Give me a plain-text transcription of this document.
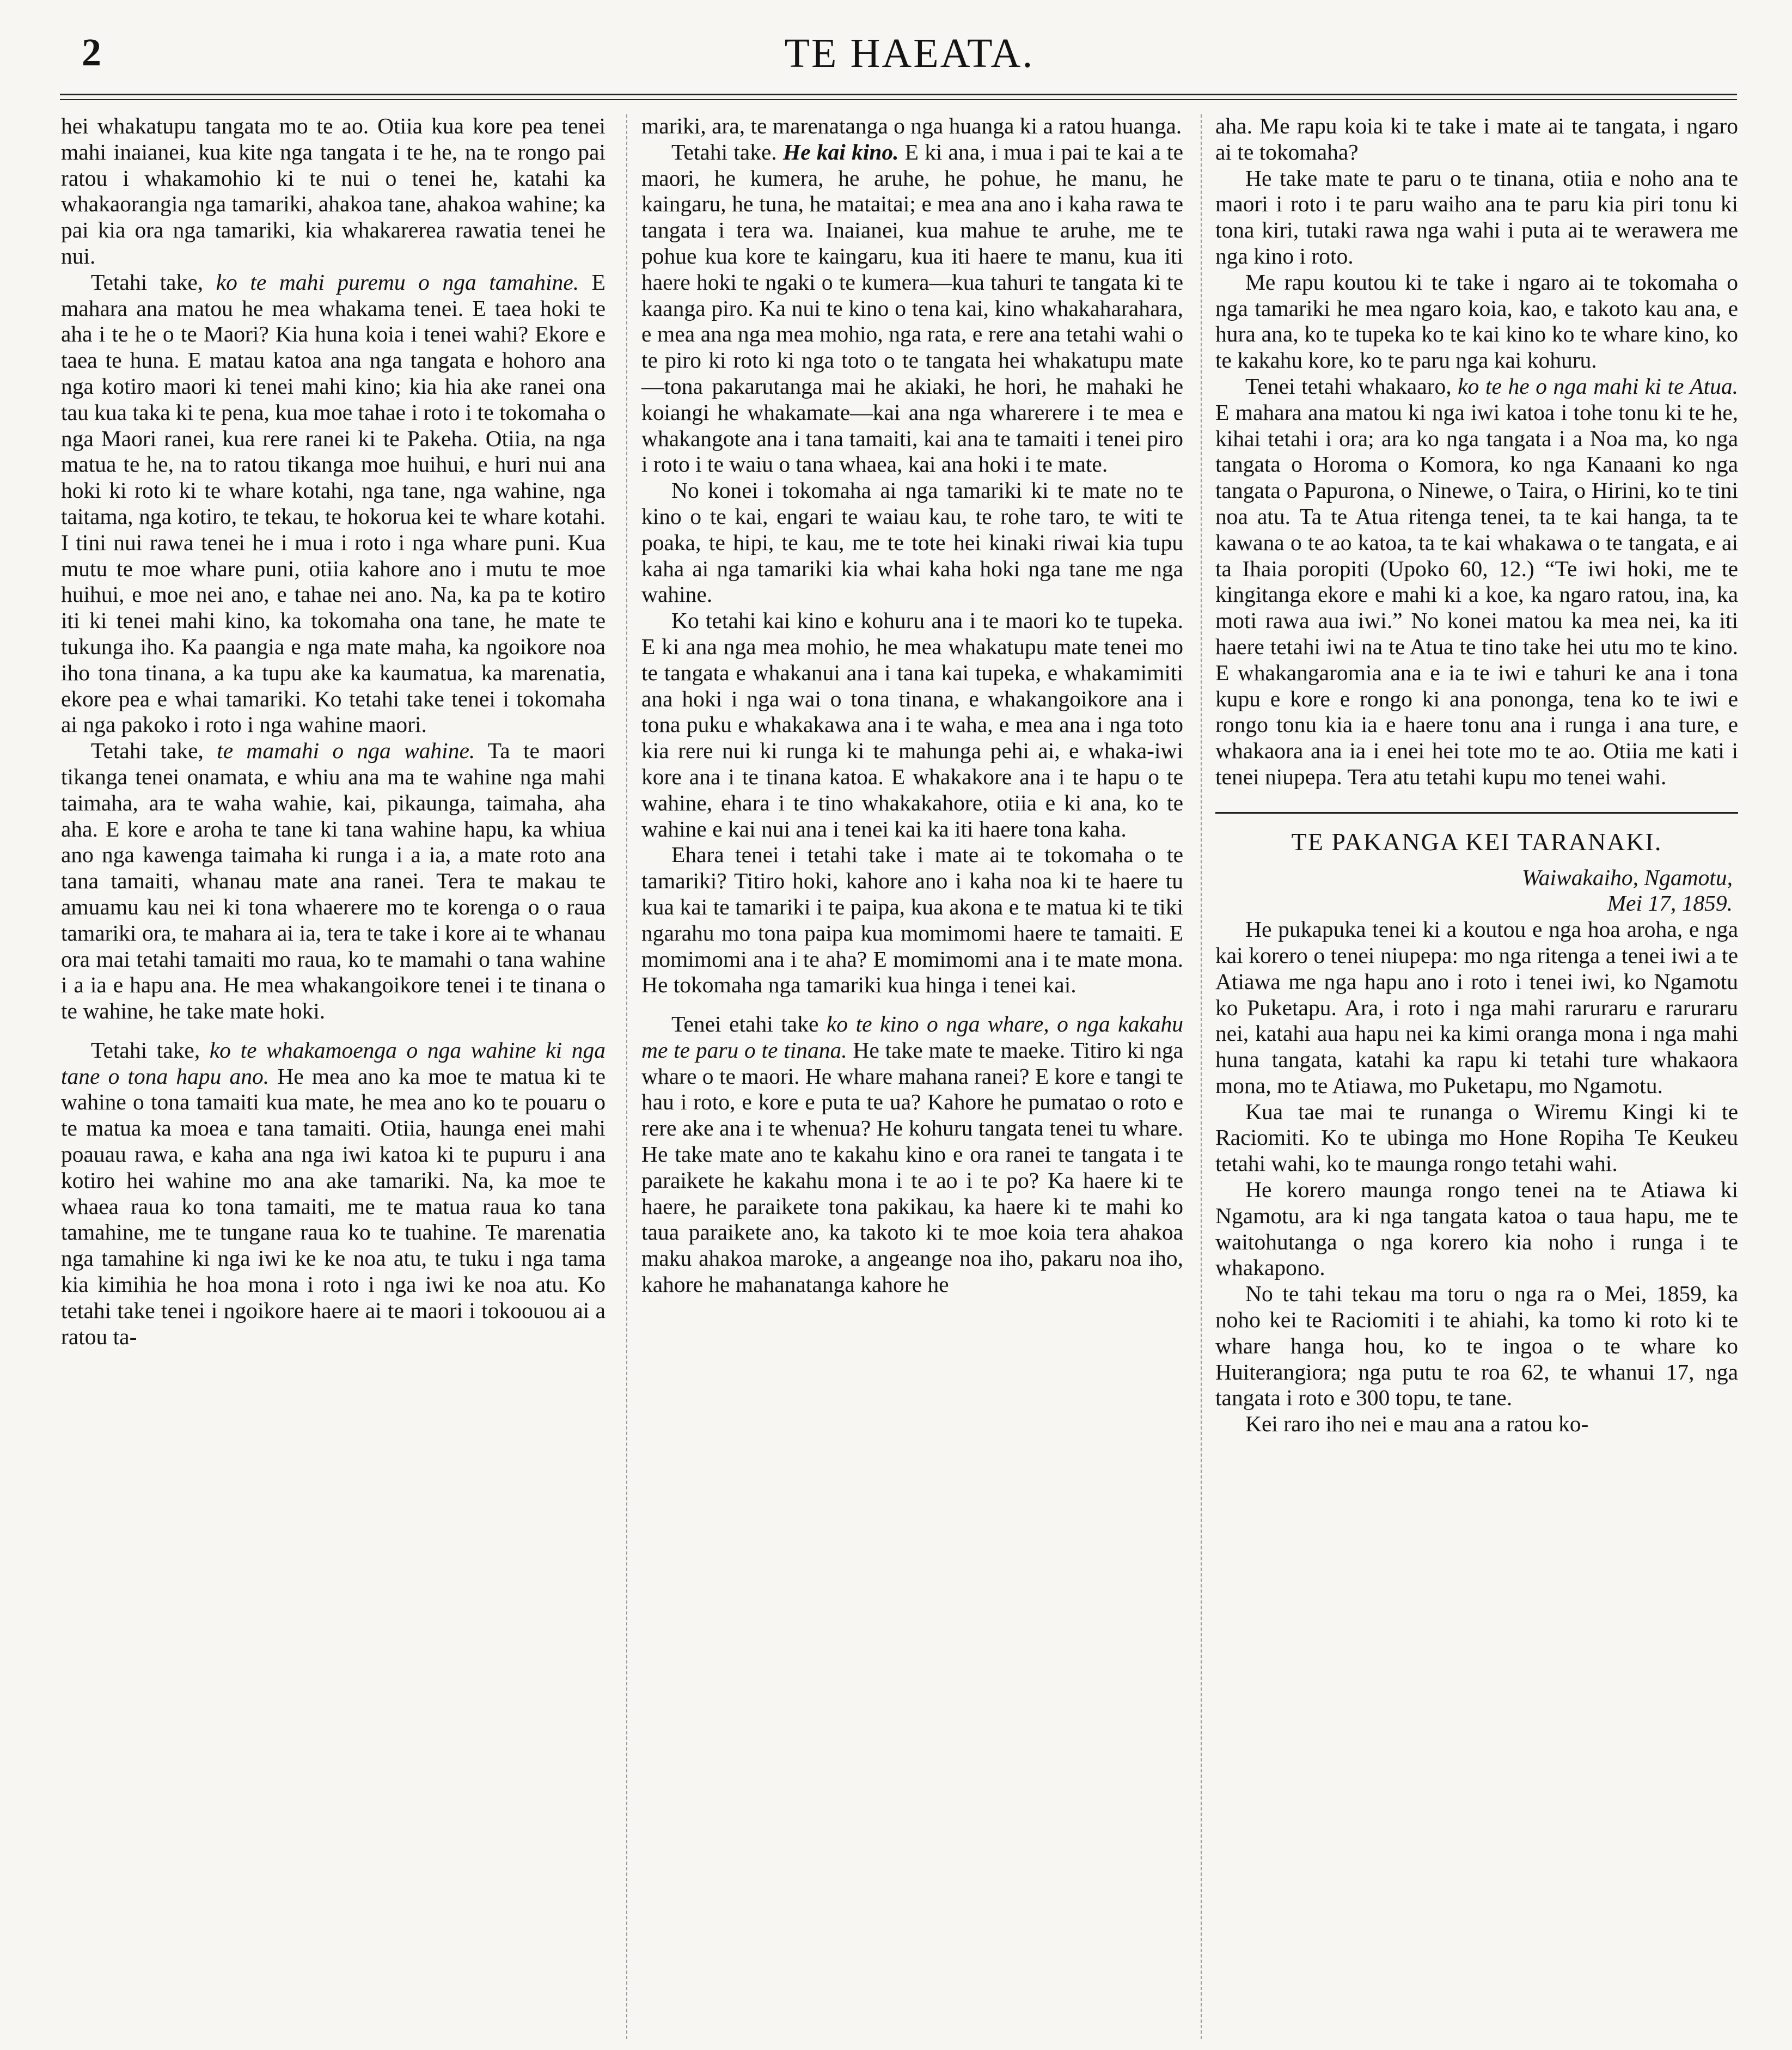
2	TE HAEATA.

hei whakatupu tangata mo te ao. Otiia kua kore pea tenei mahi inaianei, kua kite nga tangata i te he, na te rongo pai ratou i whakamohio ki te nui o tenei he, katahi ka whakaorangia nga tamariki, ahakoa tane, ahakoa wahine; ka pai kia ora nga tamariki, kia whakarerea rawatia tenei he nui.

Tetahi take, ko te mahi puremu o nga tamahine. E mahara ana matou he mea whakama tenei. E taea hoki te aha i te he o te Maori? Kia huna koia i tenei wahi? Ekore e taea te huna. E matau katoa ana nga tangata e hohoro ana nga kotiro maori ki tenei mahi kino; kia hia ake ranei ona tau kua taka ki te pena, kua moe tahae i roto i te tokomaha o nga Maori ranei, kua rere ranei ki te Pakeha. Otiia, na nga matua te he, na to ratou tikanga moe huihui, e huri nui ana hoki ki roto ki te whare kotahi, nga tane, nga wahine, nga taitama, nga kotiro, te tekau, te hokorua kei te whare kotahi. I tini nui rawa tenei he i mua i roto i nga whare puni. Kua mutu te moe whare puni, otiia kahore ano i mutu te moe huihui, e moe nei ano, e tahae nei ano. Na, ka pa te kotiro iti ki tenei mahi kino, ka tokomaha ona tane, he mate te tukunga iho. Ka paangia e nga mate maha, ka ngoikore noa iho tona tinana, a ka tupu ake ka kaumatua, ka marenatia, ekore pea e whai tamariki. Ko tetahi take tenei i tokomaha ai nga pakoko i roto i nga wahine maori.

Tetahi take, te mamahi o nga wahine. Ta te maori tikanga tenei onamata, e whiu ana ma te wahine nga mahi taimaha, ara te waha wahie, kai, pikaunga, taimaha, aha aha. E kore e aroha te tane ki tana wahine hapu, ka whiua ano nga kawenga taimaha ki runga i a ia, a mate roto ana tana tamaiti, whanau mate ana ranei. Tera te makau te amuamu kau nei ki tona whaerere mo te korenga o o raua tamariki ora, te mahara ai ia, tera te take i kore ai te whanau ora mai tetahi tamaiti mo raua, ko te mamahi o tana wahine i a ia e hapu ana. He mea whakangoikore tenei i te tinana o te wahine, he take mate hoki.

Tetahi take, ko te whakamoenga o nga wahine ki nga tane o tona hapu ano. He mea ano ka moe te matua ki te wahine o tona tamaiti kua mate, he mea ano ko te pouaru o te matua ka moea e tana tamaiti. Otiia, haunga enei mahi poauau rawa, e kaha ana nga iwi katoa ki te pupuru i ana kotiro hei wahine mo ana ake tamariki. Na, ka moe te whaea raua ko tona tamaiti, me te matua raua ko tana tamahine, me te tungane raua ko te tuahine. Te marenatia nga tamahine ki nga iwi ke ke noa atu, te tuku i nga tama kia kimihia he hoa mona i roto i nga iwi ke noa atu. Ko tetahi take tenei i ngoikore haere ai te maori i tokoouou ai a ratou ta-

mariki, ara, te marenatanga o nga huanga ki a ratou huanga.

Tetahi take. He kai kino. E ki ana, i mua i pai te kai a te maori, he kumera, he aruhe, he pohue, he manu, he kaingaru, he tuna, he mataitai; e mea ana ano i kaha rawa te tangata i tera wa. Inaianei, kua mahue te aruhe, me te pohue kua kore te kaingaru, kua iti haere te manu, kua iti haere hoki te ngaki o te kumera—kua tahuri te tangata ki te kaanga piro. Ka nui te kino o tena kai, kino whakaharahara, e mea ana nga mea mohio, nga rata, e rere ana tetahi wahi o te piro ki roto ki nga toto o te tangata hei whakatupu mate—tona pakarutanga mai he akiaki, he hori, he mahaki he koiangi he whakamate—kai ana nga wharerere i te mea e whakangote ana i tana tamaiti, kai ana te tamaiti i tenei piro i roto i te waiu o tana whaea, kai ana hoki i te mate.

No konei i tokomaha ai nga tamariki ki te mate no te kino o te kai, engari te waiau kau, te rohe taro, te witi te poaka, te hipi, te kau, me te tote hei kinaki riwai kia tupu kaha ai nga tamariki kia whai kaha hoki nga tane me nga wahine.

Ko tetahi kai kino e kohuru ana i te maori ko te tupeka. E ki ana nga mea mohio, he mea whakatupu mate tenei mo te tangata e whakanui ana i tana kai tupeka, e whakamimiti ana hoki i nga wai o tona tinana, e whakangoikore ana i tona puku e whakakawa ana i te waha, e mea ana i nga toto kia rere nui ki runga ki te mahunga pehi ai, e whaka-iwi kore ana i te tinana katoa. E whakakore ana i te hapu o te wahine, ehara i te tino whakakahore, otiia e ki ana, ko te wahine e kai nui ana i tenei kai ka iti haere tona kaha.

Ehara tenei i tetahi take i mate ai te tokomaha o te tamariki? Titiro hoki, kahore ano i kaha noa ki te haere tu kua kai te tamariki i te paipa, kua akona e te matua ki te tiki ngarahu mo tona paipa kua momimomi haere te tamaiti. E momimomi ana i te aha? E momimomi ana i te mate mona. He tokomaha nga tamariki kua hinga i tenei kai.

Tenei etahi take ko te kino o nga whare, o nga kakahu me te paru o te tinana. He take mate te maeke. Titiro ki nga whare o te maori. He whare mahana ranei? E kore e tangi te hau i roto, e kore e puta te ua? Kahore he pumatao o roto e rere ake ana i te whenua? He kohuru tangata tenei tu whare. He take mate ano te kakahu kino e ora ranei te tangata i te paraikete he kakahu mona i te ao i te po? Ka haere ki te haere, he paraikete tona pakikau, ka haere ki te mahi ko taua paraikete ano, ka takoto ki te moe koia tera ahakoa maku ahakoa maroke, a angeange noa iho, pakaru noa iho, kahore he mahanatanga kahore he

aha. Me rapu koia ki te take i mate ai te tangata, i ngaro ai te tokomaha?

He take mate te paru o te tinana, otiia e noho ana te maori i roto i te paru waiho ana te paru kia piri tonu ki tona kiri, tutaki rawa nga wahi i puta ai te werawera me nga kino i roto.

Me rapu koutou ki te take i ngaro ai te tokomaha o nga tamariki he mea ngaro koia, kao, e takoto kau ana, e hura ana, ko te tupeka ko te kai kino ko te whare kino, ko te kakahu kore, ko te paru nga kai kohuru.

Tenei tetahi whakaaro, ko te he o nga mahi ki te Atua. E mahara ana matou ki nga iwi katoa i tohe tonu ki te he, kihai tetahi i ora; ara ko nga tangata i a Noa ma, ko nga tangata o Horoma o Komora, ko nga Kanaani ko nga tangata o Papurona, o Ninewe, o Taira, o Hirini, ko te tini noa atu. Ta te Atua ritenga tenei, ta te kai hanga, ta te kawana o te ao katoa, ta te kai whakawa o te tangata, e ai ta Ihaia poropiti (Upoko 60, 12.) “Te iwi hoki, me te kingitanga ekore e mahi ki a koe, ka ngaro ratou, ina, ka moti rawa aua iwi.” No konei matou ka mea nei, ka iti haere tetahi iwi na te Atua te tino take hei utu mo te kino. E whakangaromia ana e ia te iwi e tahuri ke ana i tona kupu e kore e rongo ki ana pononga, tena ko te iwi e rongo tonu kia ia e haere tonu ana i runga i ana ture, e whakaora ana ia i enei hei tote mo te ao. Otiia me kati i tenei niupepa. Tera atu tetahi kupu mo tenei wahi.

TE PAKANGA KEI TARANAKI.

Waiwakaiho, Ngamotu,

Mei 17, 1859.

He pukapuka tenei ki a koutou e nga hoa aroha, e nga kai korero o tenei niupepa: mo nga ritenga a tenei iwi a te Atiawa me nga hapu ano i roto i tenei iwi, ko Ngamotu ko Puketapu. Ara, i roto i nga mahi raruraru e raruraru nei, katahi aua hapu nei ka kimi oranga mona i nga mahi huna tangata, katahi ka rapu ki tetahi ture whakaora mona, mo te Atiawa, mo Puketapu, mo Ngamotu.

Kua tae mai te runanga o Wiremu Kingi ki te Raciomiti. Ko te ubinga mo Hone Ropiha Te Keukeu tetahi wahi, ko te maunga rongo tetahi wahi.

He korero maunga rongo tenei na te Atiawa ki Ngamotu, ara ki nga tangata katoa o taua hapu, me te waitohutanga o nga korero kia noho i runga i te whakapono.

No te tahi tekau ma toru o nga ra o Mei, 1859, ka noho kei te Raciomiti i te ahiahi, ka tomo ki roto ki te whare hanga hou, ko te ingoa o te whare ko Huiterangiora; nga putu te roa 62, te whanui 17, nga tangata i roto e 300 topu, te tane.

Kei raro iho nei e mau ana a ratou ko-
